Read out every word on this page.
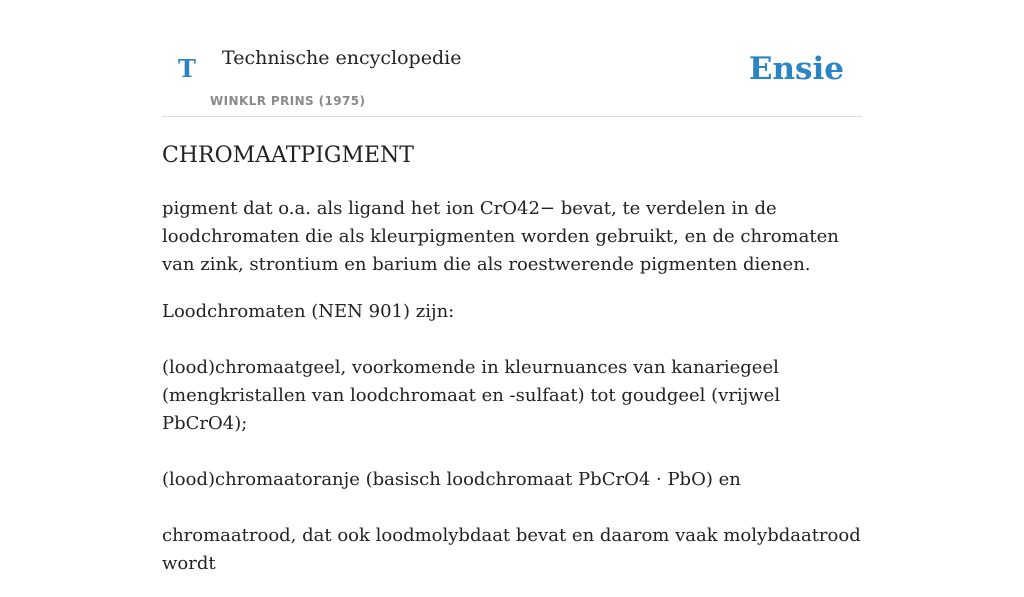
T Technische encyclopedie
WINKLR PRINS (1975)
Ensie
CHROMAATPIGMENT

pigment dat o.a. als ligand het ion CrO42− bevat, te verdelen in de loodchromaten die als kleurpigmenten worden gebruikt, en de chromaten van zink, strontium en barium die als roestwerende pigmenten dienen.

Loodchromaten (NEN 901) zijn:

(lood)chromaatgeel, voorkomende in kleurnuances van kanariegeel (mengkristallen van loodchromaat en -sulfaat) tot goudgeel (vrijwel PbCrO4);

(lood)chromaatoranje (basisch loodchromaat PbCrO4 · PbO) en

chromaatrood, dat ook loodmolybdaat bevat en daarom vaak molybdaatrood wordt
